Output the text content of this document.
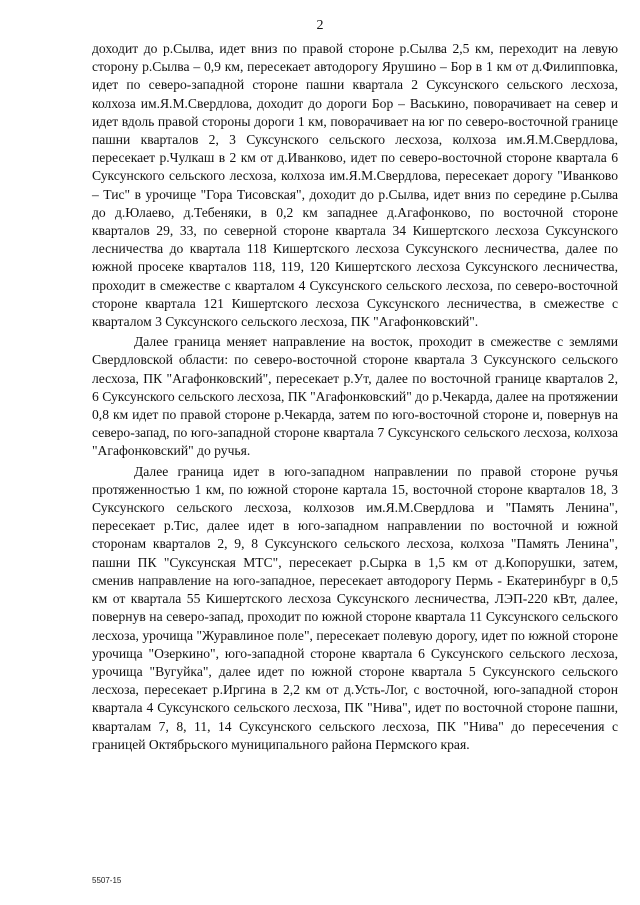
2

доходит до р.Сылва, идет вниз по правой стороне р.Сылва 2,5 км, переходит на левую сторону р.Сылва – 0,9 км, пересекает автодорогу Ярушино – Бор в 1 км от д.Филипповка, идет по северо-западной стороне пашни квартала 2 Суксунского сельского лесхоза, колхоза им.Я.М.Свердлова, доходит до дороги Бор – Васькино, поворачивает на север и идет вдоль правой стороны дороги 1 км, поворачивает на юг по северо-восточной границе пашни кварталов 2, 3 Суксунского сельского лесхоза, колхоза им.Я.М.Свердлова, пересекает р.Чулкаш в 2 км от д.Иванково, идет по северо-восточной стороне квартала 6 Суксунского сельского лесхоза, колхоза им.Я.М.Свердлова, пересекает дорогу "Иванково – Тис" в урочище "Гора Тисовская", доходит до р.Сылва, идет вниз по середине р.Сылва до д.Юлаево, д.Тебеняки, в 0,2 км западнее д.Агафонково, по восточной стороне кварталов 29, 33, по северной стороне квартала 34 Кишертского лесхоза Суксунского лесничества до квартала 118 Кишертского лесхоза Суксунского лесничества, далее по южной просеке кварталов 118, 119, 120 Кишертского лесхоза Суксунского лесничества, проходит в смежестве с кварталом 4 Суксунского сельского лесхоза, по северо-восточной стороне квартала 121 Кишертского лесхоза Суксунского лесничества, в смежестве с кварталом 3 Суксунского сельского лесхоза, ПК "Агафонковский".

Далее граница меняет направление на восток, проходит в смежестве с землями Свердловской области: по северо-восточной стороне квартала 3 Суксунского сельского лесхоза, ПК "Агафонковский", пересекает р.Ут, далее по восточной границе кварталов 2, 6 Суксунского сельского лесхоза, ПК "Агафонковский" до р.Чекарда, далее на протяжении 0,8 км идет по правой стороне р.Чекарда, затем по юго-восточной стороне и, повернув на северо-запад, по юго-западной стороне квартала 7 Суксунского сельского лесхоза, колхоза "Агафонковский" до ручья.

Далее граница идет в юго-западном направлении по правой стороне ручья протяженностью 1 км, по южной стороне картала 15, восточной стороне кварталов 18, 3 Суксунского сельского лесхоза, колхозов им.Я.М.Свердлова и "Память Ленина", пересекает р.Тис, далее идет в юго-западном направлении по восточной и южной сторонам кварталов 2, 9, 8 Суксунского сельского лесхоза, колхоза "Память Ленина", пашни ПК "Суксунская МТС", пересекает р.Сырка в 1,5 км от д.Копорушки, затем, сменив направление на юго-западное, пересекает автодорогу Пермь - Екатеринбург в 0,5 км от квартала 55 Кишертского лесхоза Суксунского лесничества, ЛЭП-220 кВт, далее, повернув на северо-запад, проходит по южной стороне квартала 11 Суксунского сельского лесхоза, урочища "Журавлиное поле", пересекает полевую дорогу, идет по южной стороне урочища "Озеркино", юго-западной стороне квартала 6 Суксунского сельского лесхоза, урочища "Вугуйка", далее идет по южной стороне квартала 5 Суксунского сельского лесхоза, пересекает р.Иргина в 2,2 км от д.Усть-Лог, с восточной, юго-западной сторон квартала 4 Суксунского сельского лесхоза, ПК "Нива", идет по восточной стороне пашни, кварталам 7, 8, 11, 14 Суксунского сельского лесхоза, ПК "Нива" до пересечения с границей Октябрьского муниципального района Пермского края.

5507-15
